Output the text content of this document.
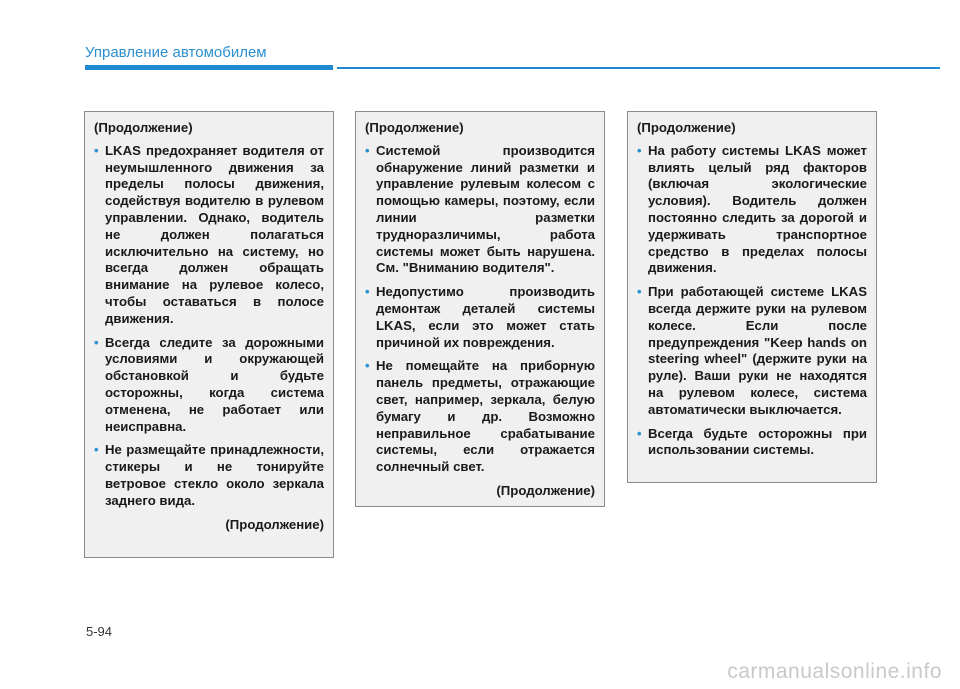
Управление автомобилем
(Продолжение)
• LKAS предохраняет водителя от неумышленного движения за пределы полосы движения, содействуя водителю в рулевом управлении. Однако, водитель не должен полагаться исключительно на систему, но всегда должен обращать внимание на рулевое колесо, чтобы оставаться в полосе движения.
• Всегда следите за дорожными условиями и окружающей обстановкой и будьте осторожны, когда система отменена, не работает или неисправна.
• Не размещайте принадлежности, стикеры и не тонируйте ветровое стекло около зеркала заднего вида.
(Продолжение)
(Продолжение)
• Системой производится обнаружение линий разметки и управление рулевым колесом с помощью камеры, поэтому, если линии разметки трудноразличимы, работа системы может быть нарушена. См. "Вниманию водителя".
• Недопустимо производить демонтаж деталей системы LKAS, если это может стать причиной их повреждения.
• Не помещайте на приборную панель предметы, отражающие свет, например, зеркала, белую бумагу и др. Возможно неправильное срабатывание системы, если отражается солнечный свет.
(Продолжение)
(Продолжение)
• На работу системы LKAS может влиять целый ряд факторов (включая экологические условия). Водитель должен постоянно следить за дорогой и удерживать транспортное средство в пределах полосы движения.
• При работающей системе LKAS всегда держите руки на рулевом колесе. Если после предупреждения "Keep hands on steering wheel" (держите руки на руле). Ваши руки не находятся на рулевом колесе, система автоматически выключается.
• Всегда будьте осторожны при использовании системы.
5-94
carmanualsonline.info
